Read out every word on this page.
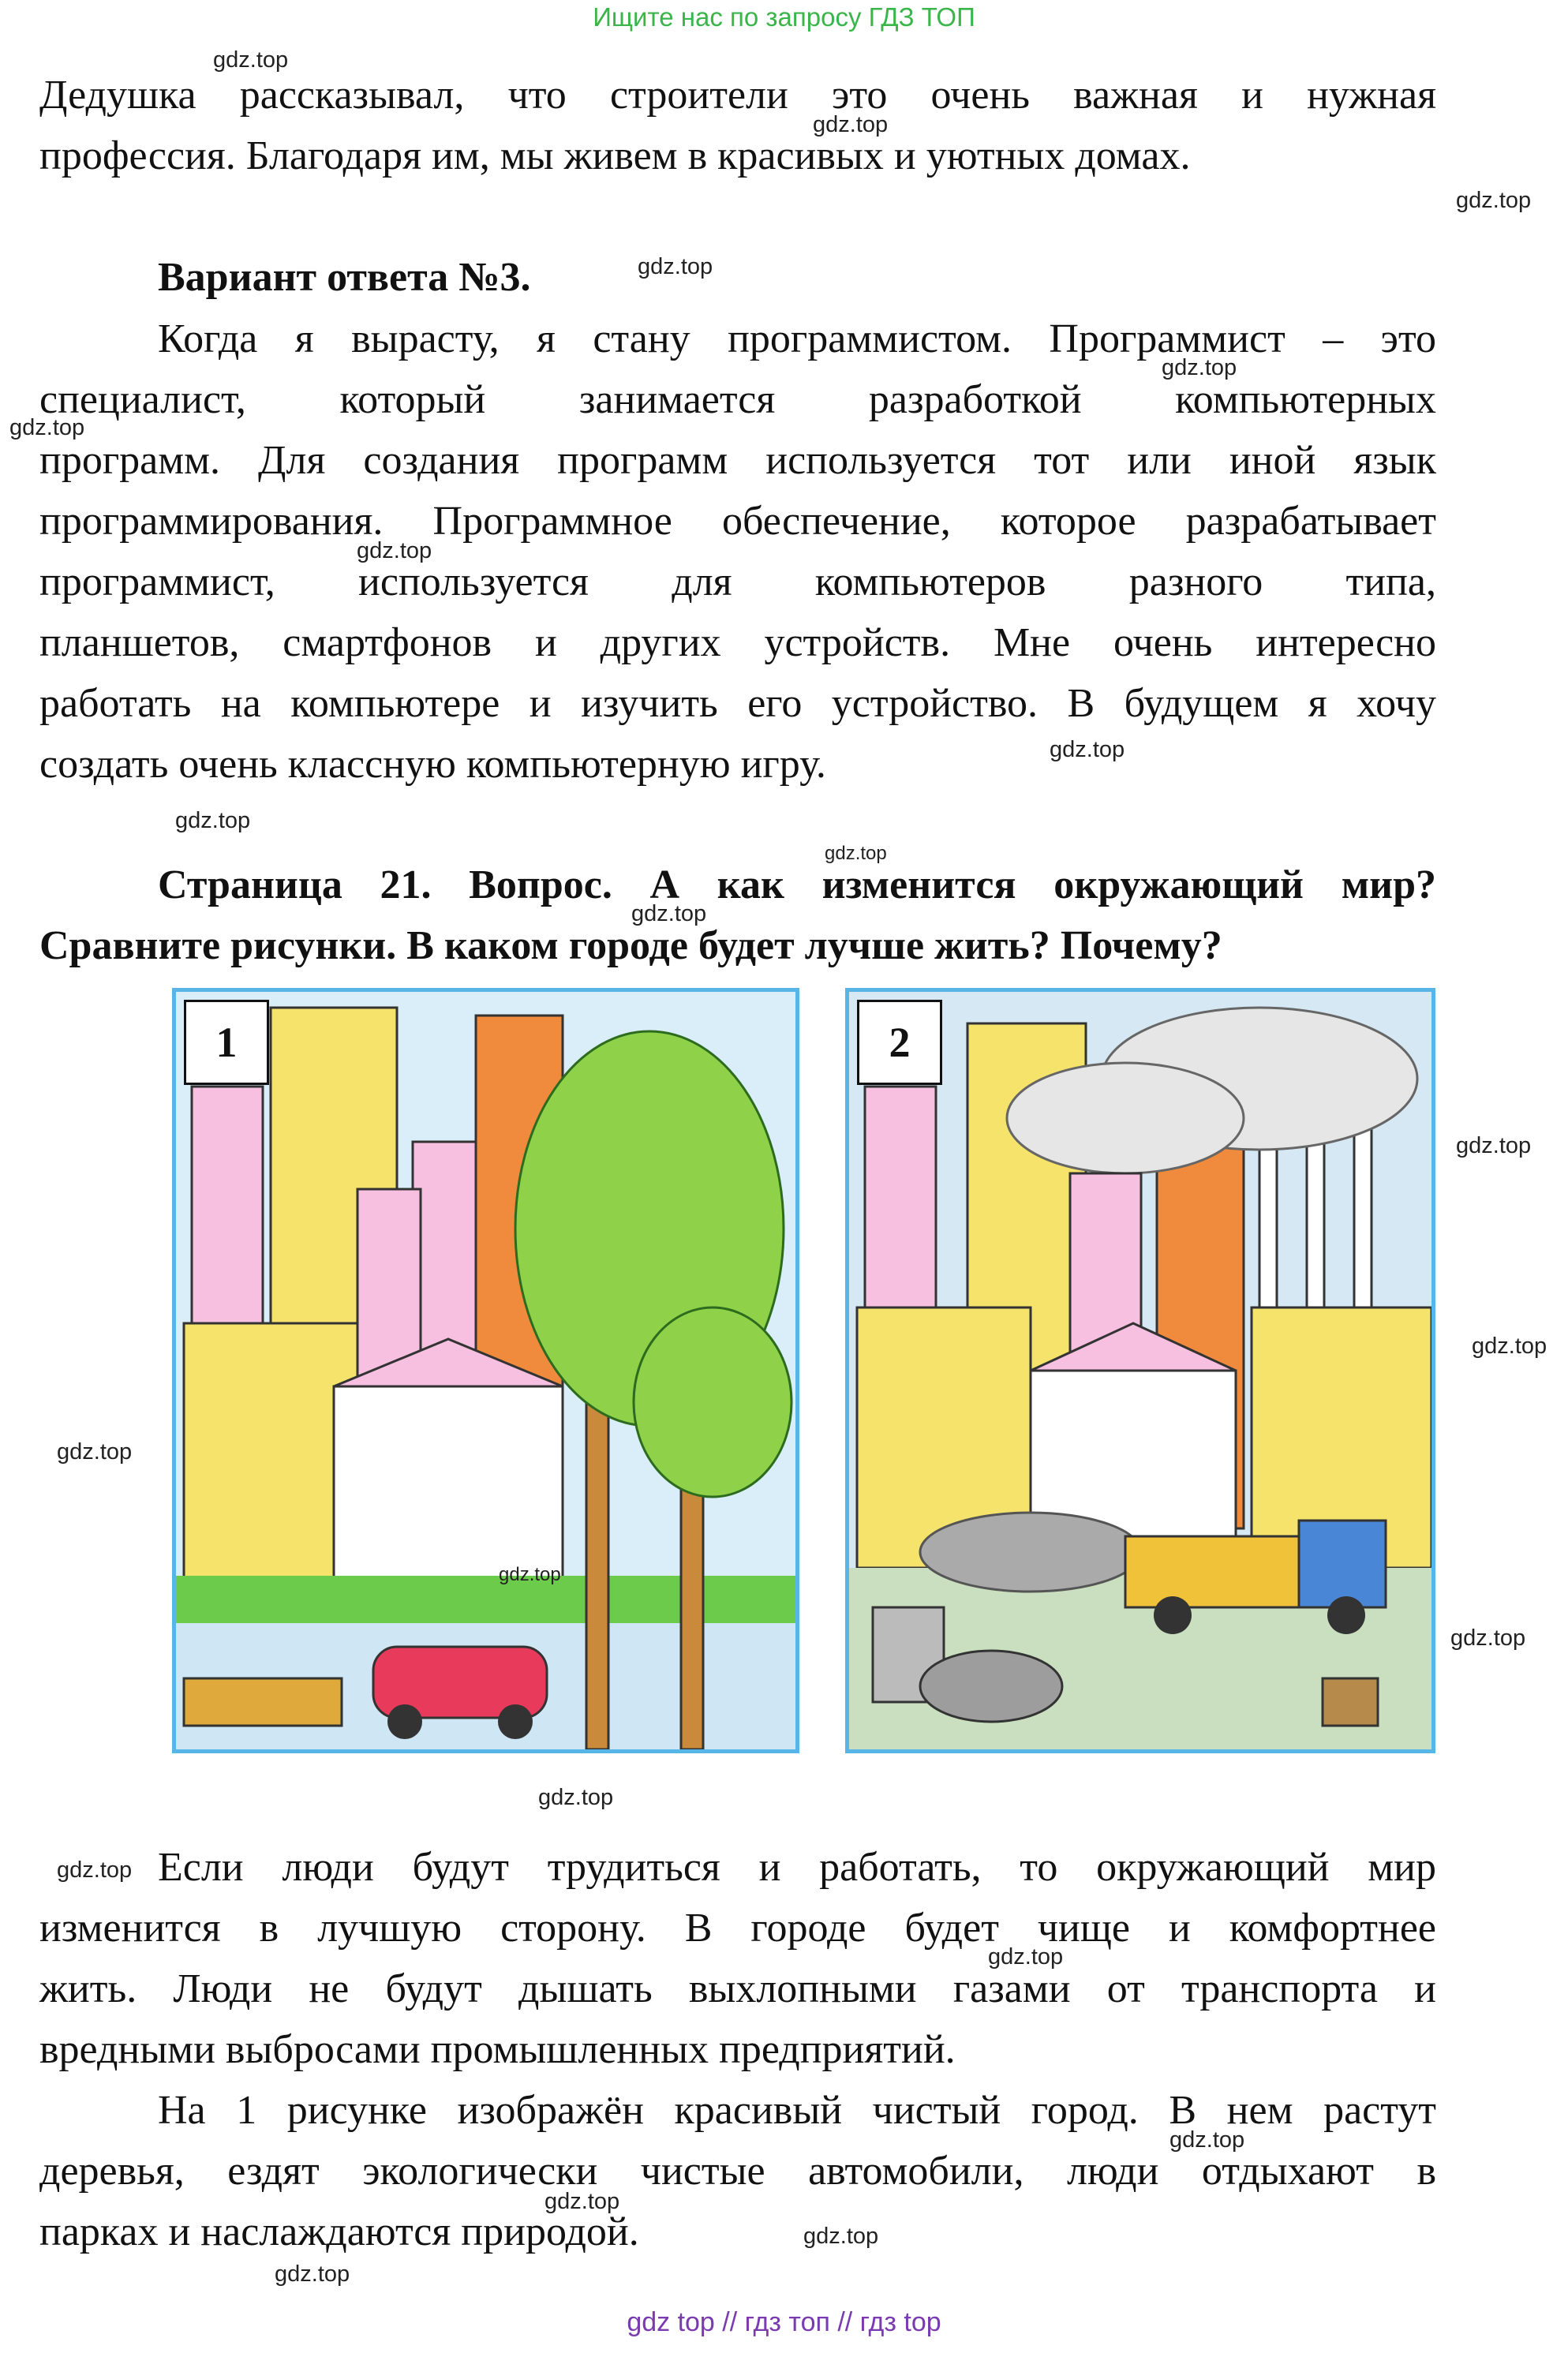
Ищите нас по запросу ГДЗ ТОП
Дедушка рассказывал, что строители это очень важная и нужная
профессия. Благодаря им, мы живем в красивых и уютных домах.
Вариант ответа №3.
Когда я вырасту, я стану программистом. Программист – это
специалист, который занимается разработкой компьютерных
программ. Для создания программ используется тот или иной язык
программирования. Программное обеспечение, которое разрабатывает
программист, используется для компьютеров разного типа,
планшетов, смартфонов и других устройств. Мне очень интересно
работать на компьютере и изучить его устройство. В будущем я хочу
создать очень классную компьютерную игру.
Страница 21. Вопрос. А как изменится окружающий мир?
Сравните рисунки. В каком городе будет лучше жить? Почему?
1	2
Если люди будут трудиться и работать, то окружающий мир
изменится в лучшую сторону. В городе будет чище и комфортнее
жить. Люди не будут дышать выхлопными газами от транспорта и
вредными выбросами промышленных предприятий.
На 1 рисунке изображён красивый чистый город. В нем растут
деревья, ездят экологически чистые автомобили, люди отдыхают в
парках и наслаждаются природой.
gdz.top
gdz.top
gdz.top
gdz.top
gdz.top
gdz.top
gdz.top
gdz.top
gdz.top
gdz.top
gdz.top
gdz.top
gdz.top
gdz.top
gdz.top
gdz.top
gdz.top
gdz.top
gdz.top
gdz.top
gdz.top
gdz.top
gdz.top
gdz top // гдз топ // гдз top
